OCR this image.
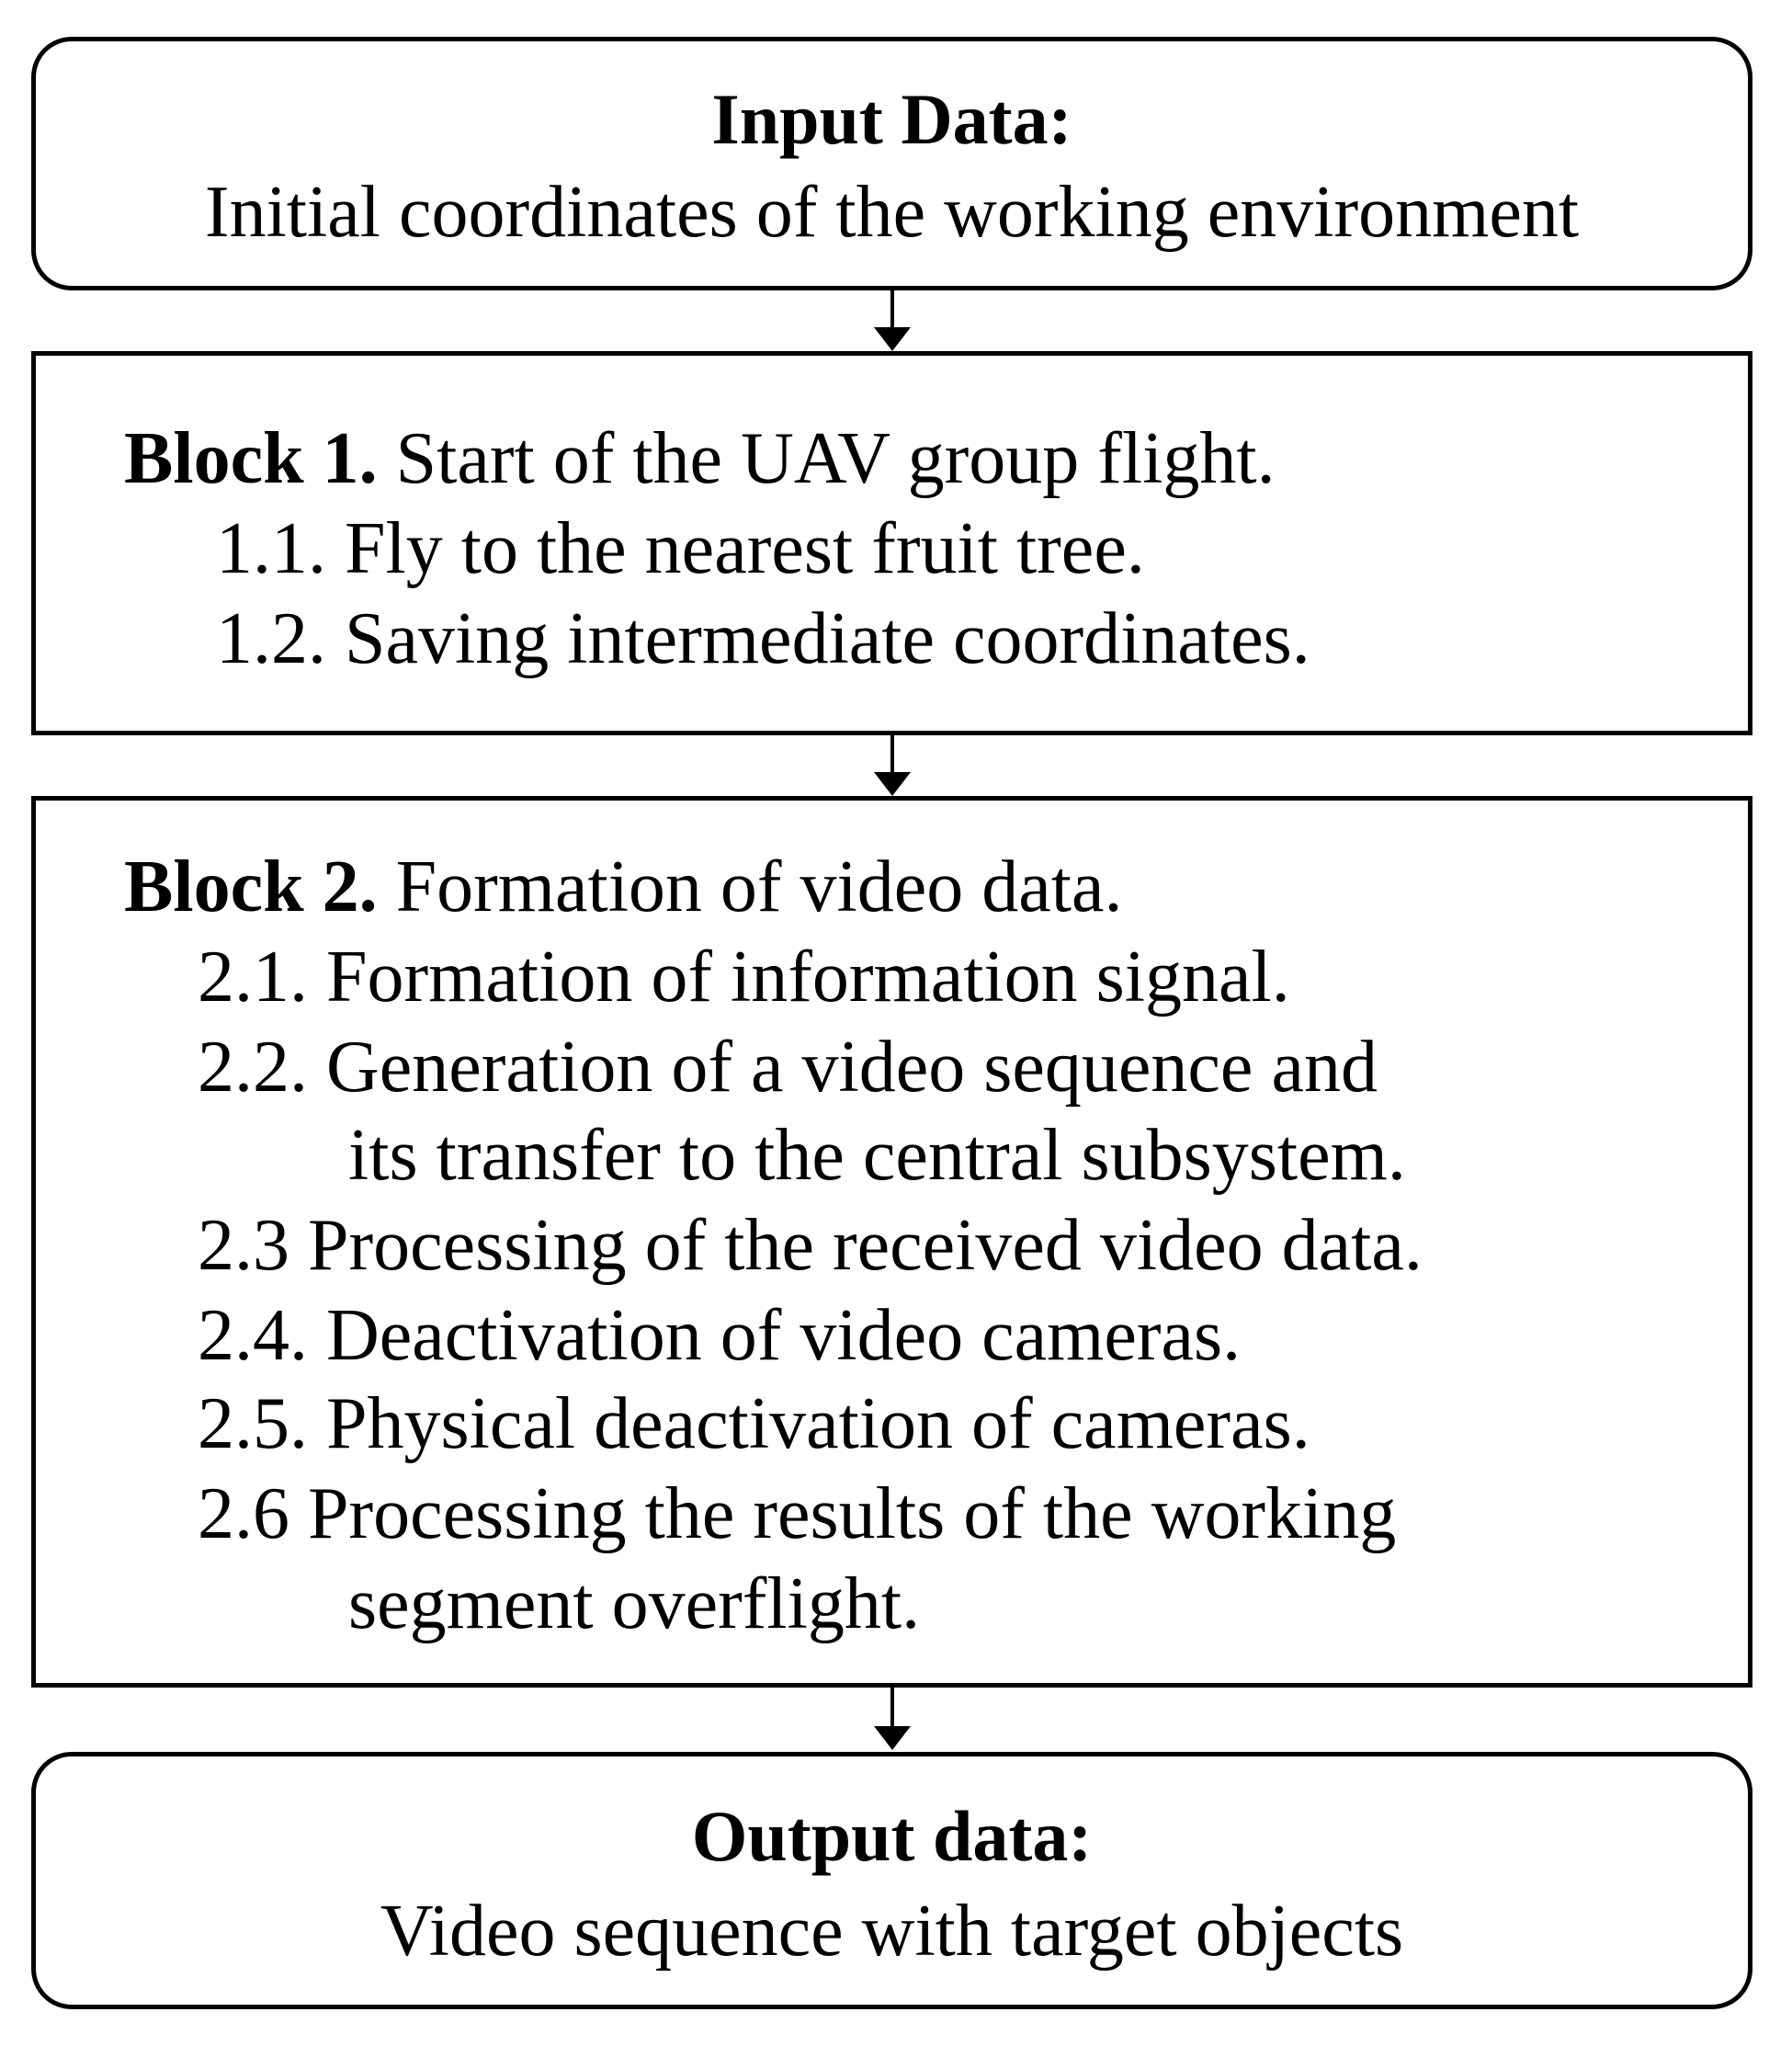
Input Data:
Initial coordinates of the working environment
Block 1. Start of the UAV group flight.
1.1. Fly to the nearest fruit tree.
1.2. Saving intermediate coordinates.
Block 2. Formation of video data.
2.1. Formation of information signal.
2.2. Generation of a video sequence and
its transfer to the central subsystem.
2.3 Processing of the received video data.
2.4. Deactivation of video cameras.
2.5. Physical deactivation of cameras.
2.6 Processing the results of the working
segment overflight.
Output data:
Video sequence with target objects
